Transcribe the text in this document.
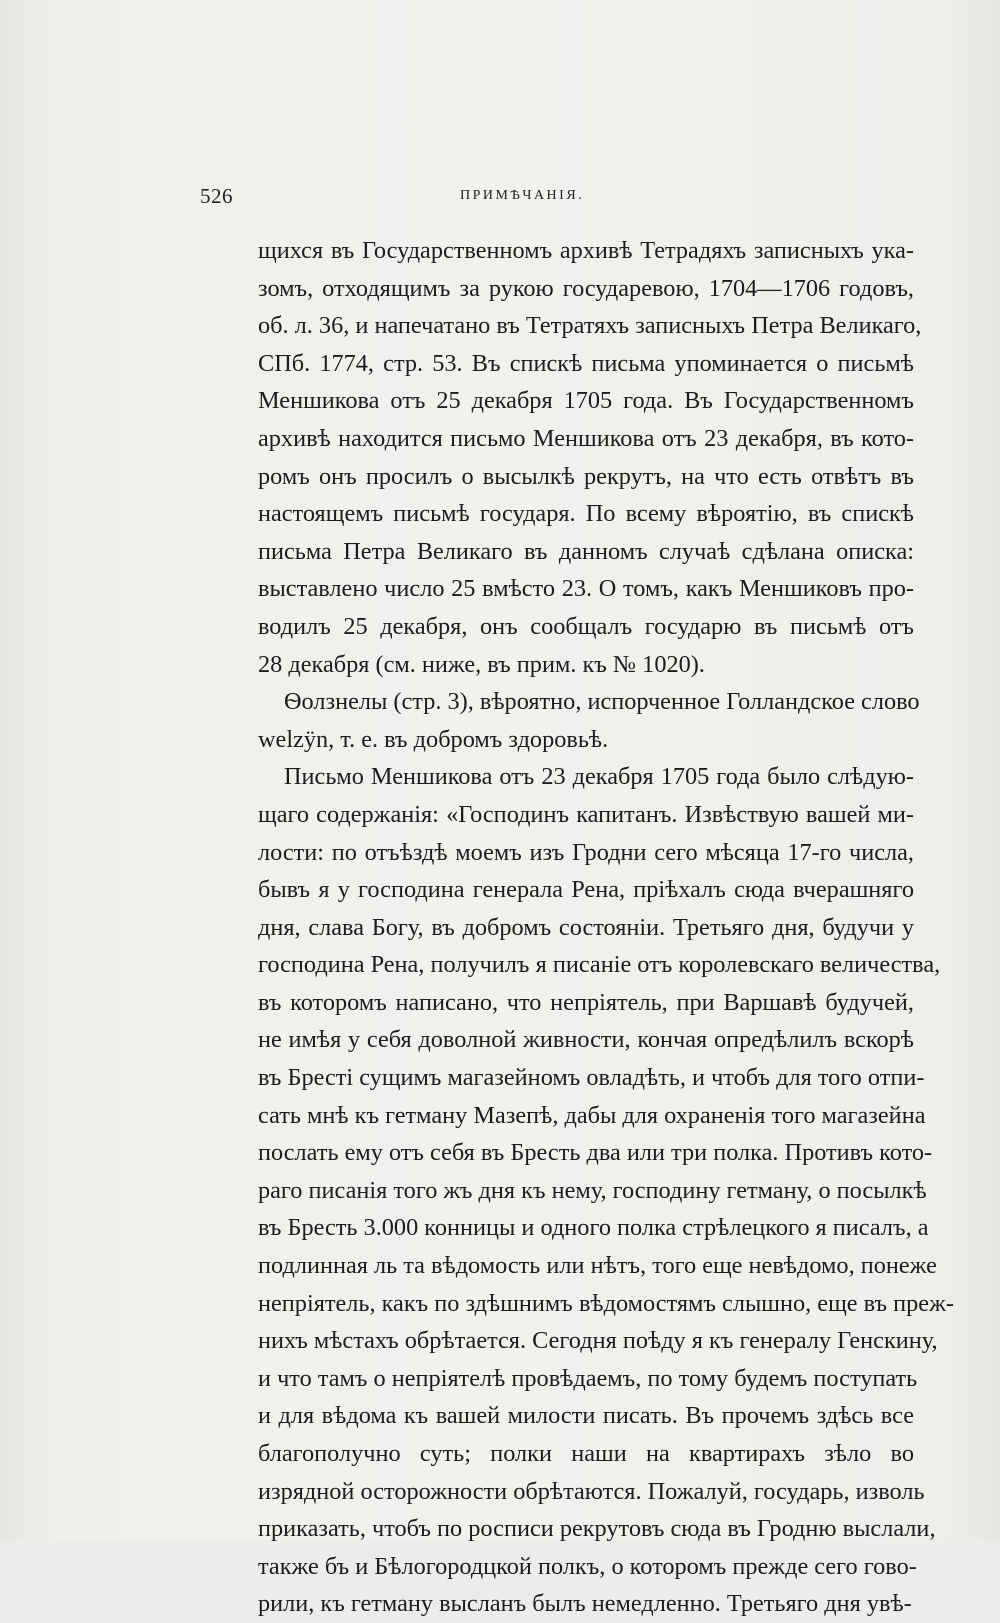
526	ПРИМѢЧАНІЯ.
щихся въ Государственномъ архивѣ Тетрадяхъ записныхъ ука-
зомъ, отходящимъ за рукою государевою, 1704—1706 годовъ,
об. л. 36, и напечатано въ Тетратяхъ записныхъ Петра Великаго,
СПб. 1774, стр. 53. Въ спискѣ письма упоминается о письмѣ
Меншикова отъ 25 декабря 1705 года. Въ Государственномъ
архивѣ находится письмо Меншикова отъ 23 декабря, въ кото-
ромъ онъ просилъ о высылкѣ рекрутъ, на что есть отвѣтъ въ
настоящемъ письмѣ государя. По всему вѣроятію, въ спискѣ
письма Петра Великаго въ данномъ случаѣ сдѣлана описка:
выставлено число 25 вмѣсто 23. О томъ, какъ Меншиковъ про-
водилъ 25 декабря, онъ сообщалъ государю въ письмѣ отъ
28 декабря (см. ниже, въ прим. къ № 1020).
Ѳолзнелы (стр. 3), вѣроятно, испорченное Голландское слово
welzӱn, т. е. въ добромъ здоровьѣ.
Письмо Меншикова отъ 23 декабря 1705 года было слѣдую-
щаго содержанія: «Господинъ капитанъ. Извѣствую вашей ми-
лости: по отъѣздѣ моемъ изъ Гродни сего мѣсяца 17-го числа,
бывъ я у господина генерала Рена, пріѣхалъ сюда вчерашняго
дня, слава Богу, въ добромъ состояніи. Третьяго дня, будучи у
господина Рена, получилъ я писаніе отъ королевскаго величества,
въ которомъ написано, что непріятель, при Варшавѣ будучей,
не имѣя у себя доволной живности, кончая опредѣлилъ вскорѣ
въ Бресті сущимъ магазейномъ овладѣть, и чтобъ для того отпи-
сать мнѣ къ гетману Мазепѣ, дабы для охраненія того магазейна
послать ему отъ себя въ Бресть два или три полка. Противъ кото-
раго писанія того жъ дня къ нему, господину гетману, о посылкѣ
въ Бресть 3.000 конницы и одного полка стрѣлецкого я писалъ, а
подлинная ль та вѣдомость или нѣтъ, того еще невѣдомо, понеже
непріятель, какъ по здѣшнимъ вѣдомостямъ слышно, еще въ преж-
нихъ мѣстахъ обрѣтается. Сегодня поѣду я къ генералу Генскину,
и что тамъ о непріятелѣ провѣдаемъ, по тому будемъ поступать
и для вѣдома къ вашей милости писать. Въ прочемъ здѣсь все
благополучно суть; полки наши на квартирахъ зѣло во
изрядной осторожности обрѣтаются. Пожалуй, государь, изволь
приказать, чтобъ по росписи рекрутовъ сюда въ Гродню выслали,
также бъ и Бѣлогородцкой полкъ, о которомъ прежде сего гово-
рили, къ гетману высланъ былъ немедленно. Третьяго дня увѣ-
